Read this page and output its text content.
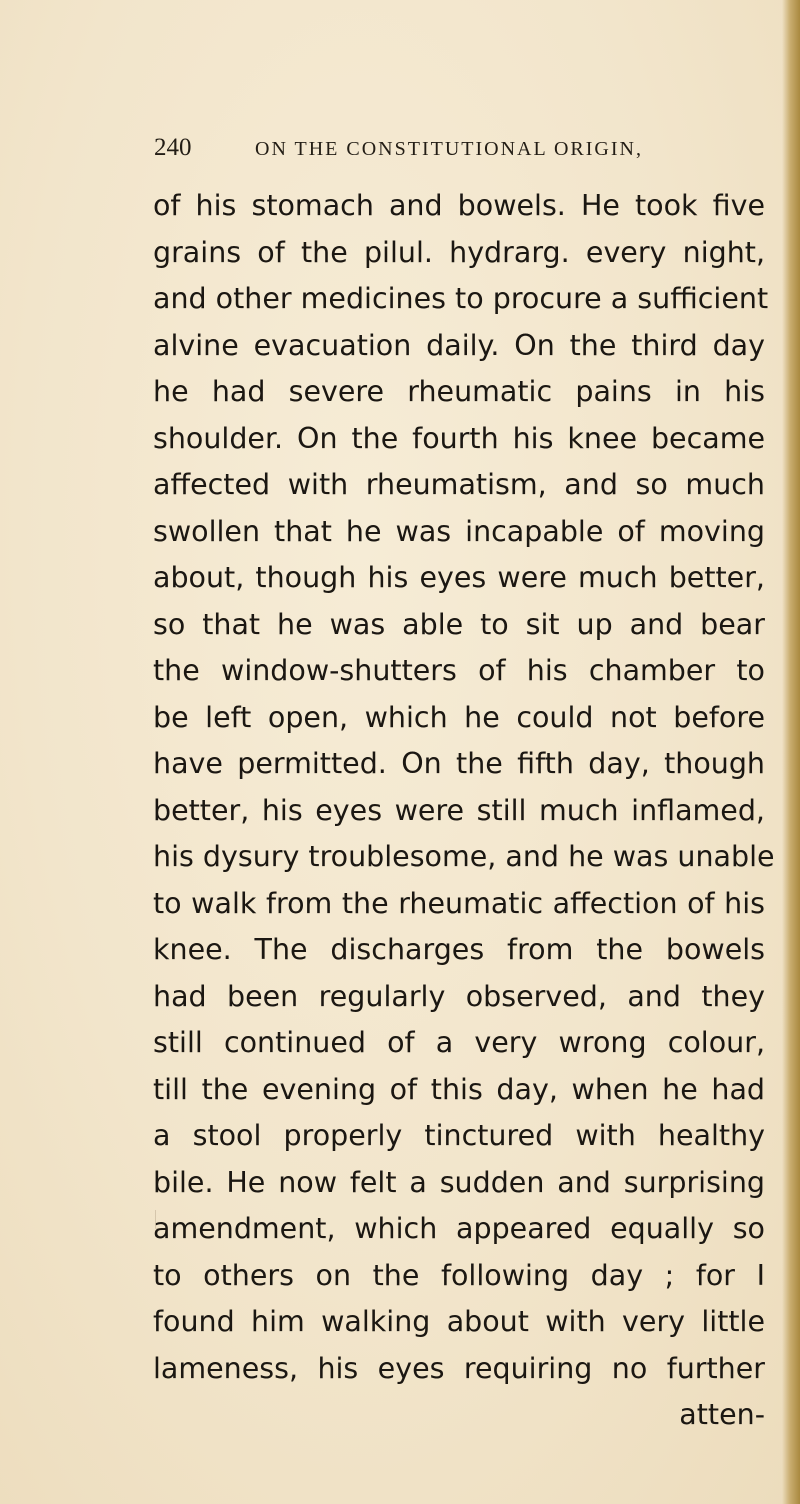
240	ON THE CONSTITUTIONAL ORIGIN,
of his stomach and bowels. He took five
grains of the pilul. hydrarg. every night,
and other medicines to procure a sufficient
alvine evacuation daily. On the third day
he had severe rheumatic pains in his
shoulder. On the fourth his knee became
affected with rheumatism, and so much
swollen that he was incapable of moving
about, though his eyes were much better,
so that he was able to sit up and bear
the window-shutters of his chamber to
be left open, which he could not before
have permitted. On the fifth day, though
better, his eyes were still much inflamed,
his dysury troublesome, and he was unable
to walk from the rheumatic affection of his
knee. The discharges from the bowels
had been regularly observed, and they
still continued of a very wrong colour,
till the evening of this day, when he had
a stool properly tinctured with healthy
bile. He now felt a sudden and surprising
amendment, which appeared equally so
to others on the following day ; for I
found him walking about with very little
lameness, his eyes requiring no further
atten-
